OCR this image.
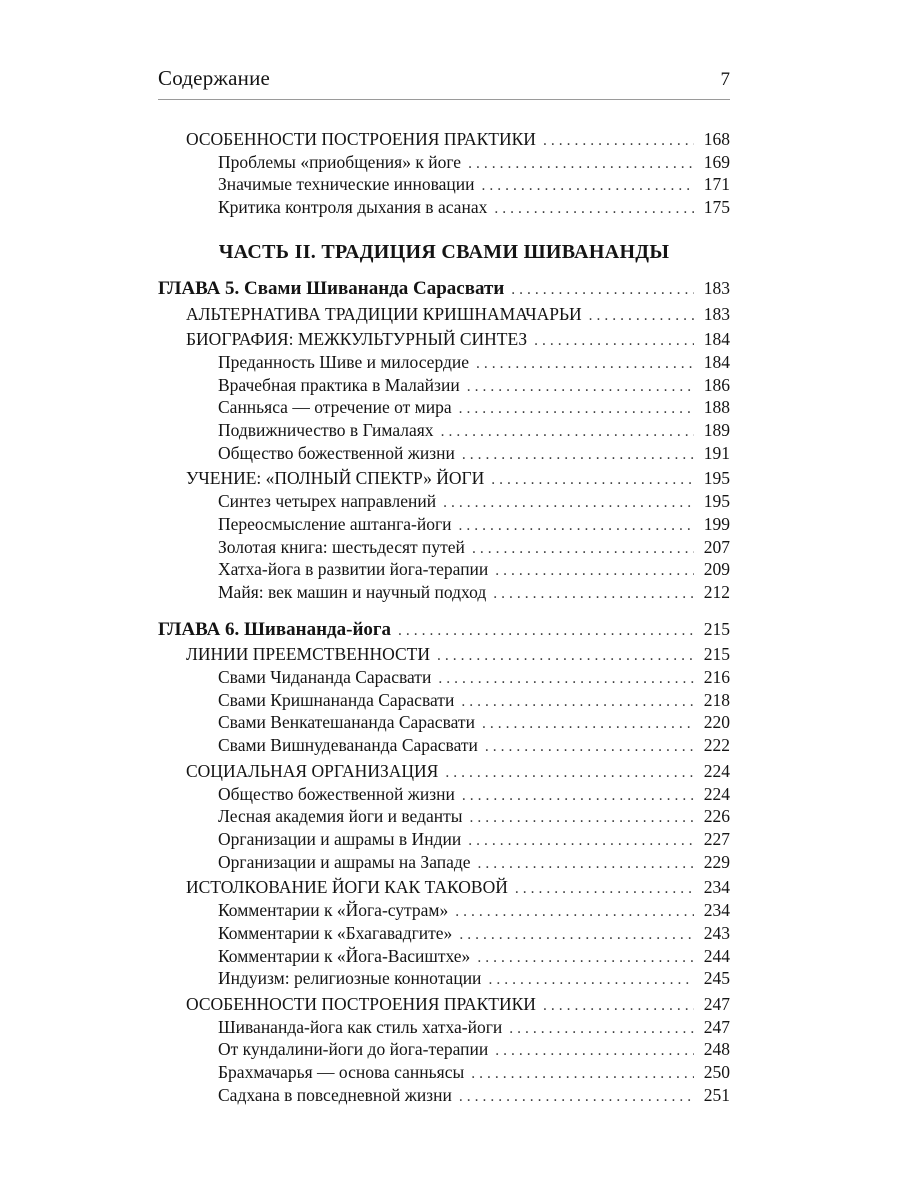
Содержание	7
ОСОБЕННОСТИ ПОСТРОЕНИЯ ПРАКТИКИ .....	168
Проблемы «приобщения» к йоге .....	169
Значимые технические инновации .....	171
Критика контроля дыхания в асанах .....	175
ЧАСТЬ II. ТРАДИЦИЯ СВАМИ ШИВАНАНДЫ
ГЛАВА 5. Свами Шивананда Сарасвати .....	183
АЛЬТЕРНАТИВА ТРАДИЦИИ КРИШНАМАЧАРЬИ .....	183
БИОГРАФИЯ: МЕЖКУЛЬТУРНЫЙ СИНТЕЗ .....	184
Преданность Шиве и милосердие .....	184
Врачебная практика в Малайзии .....	186
Санньяса — отречение от мира .....	188
Подвижничество в Гималаях .....	189
Общество божественной жизни .....	191
УЧЕНИЕ: «ПОЛНЫЙ СПЕКТР» ЙОГИ .....	195
Синтез четырех направлений .....	195
Переосмысление аштанга-йоги .....	199
Золотая книга: шестьдесят путей .....	207
Хатха-йога в развитии йога-терапии .....	209
Майя: век машин и научный подход .....	212
ГЛАВА 6. Шивананда-йога .....	215
ЛИНИИ ПРЕЕМСТВЕННОСТИ .....	215
Свами Чидананда Сарасвати .....	216
Свами Кришнананда Сарасвати .....	218
Свами Венкатешананда Сарасвати .....	220
Свами Вишнудевананда Сарасвати .....	222
СОЦИАЛЬНАЯ ОРГАНИЗАЦИЯ .....	224
Общество божественной жизни .....	224
Лесная академия йоги и веданты .....	226
Организации и ашрамы в Индии .....	227
Организации и ашрамы на Западе .....	229
ИСТОЛКОВАНИЕ ЙОГИ КАК ТАКОВОЙ .....	234
Комментарии к «Йога-сутрам» .....	234
Комментарии к «Бхагавадгите» .....	243
Комментарии к «Йога-Васиштхе» .....	244
Индуизм: религиозные коннотации .....	245
ОСОБЕННОСТИ ПОСТРОЕНИЯ ПРАКТИКИ .....	247
Шивананда-йога как стиль хатха-йоги .....	247
От кундалини-йоги до йога-терапии .....	248
Брахмачарья — основа санньясы .....	250
Садхана в повседневной жизни .....	251
